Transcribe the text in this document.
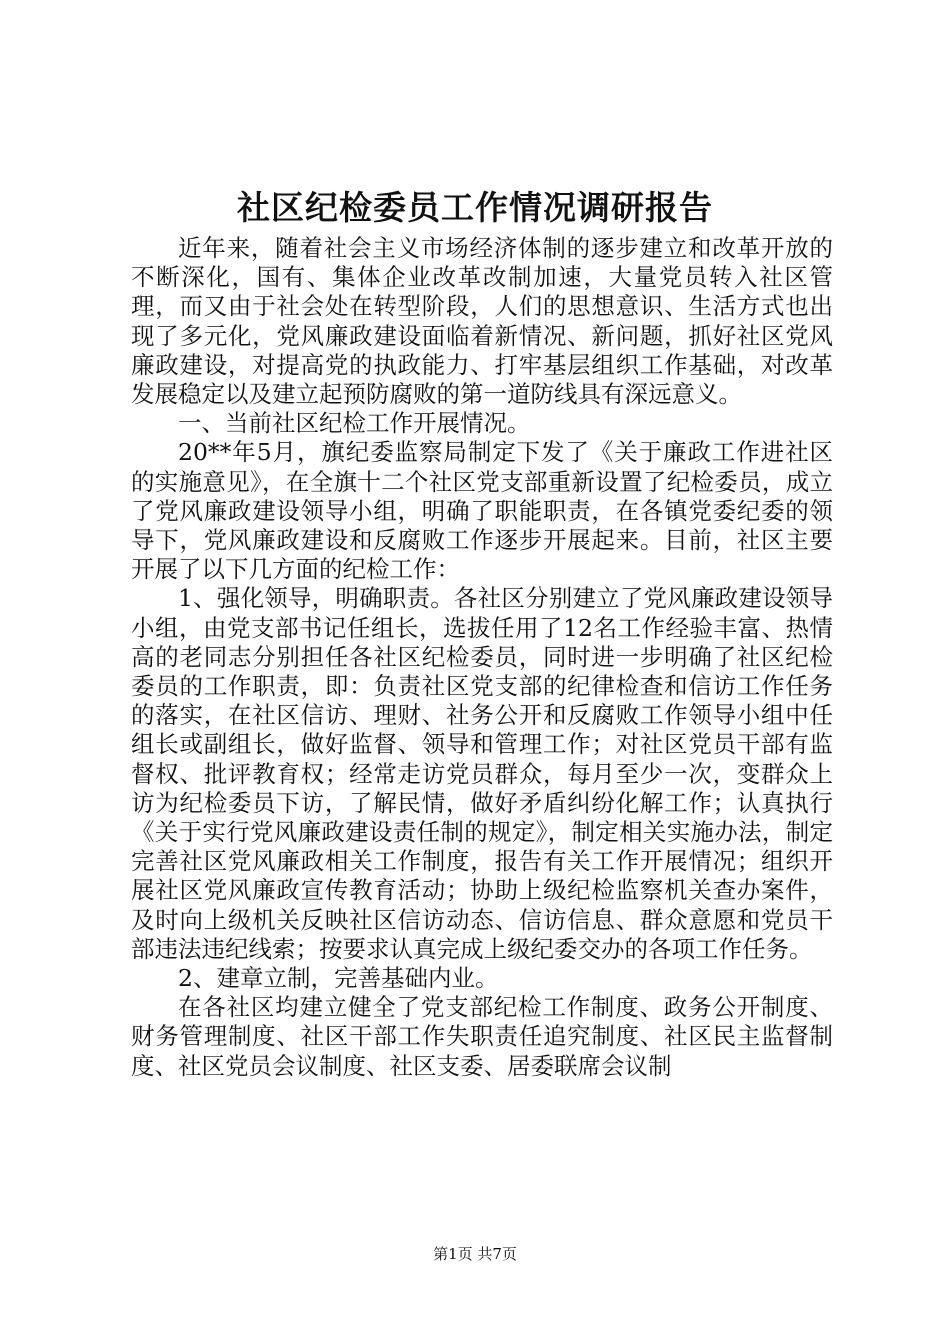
社区纪检委员工作情况调研报告

近年来，随着社会主义市场经济体制的逐步建立和改革开放的不断深化，国有、集体企业改革改制加速，大量党员转入社区管理，而又由于社会处在转型阶段，人们的思想意识、生活方式也出现了多元化，党风廉政建设面临着新情况、新问题，抓好社区党风廉政建设，对提高党的执政能力、打牢基层组织工作基础，对改革发展稳定以及建立起预防腐败的第一道防线具有深远意义。

一、当前社区纪检工作开展情况。

20**年5月，旗纪委监察局制定下发了《关于廉政工作进社区的实施意见》，在全旗十二个社区党支部重新设置了纪检委员，成立了党风廉政建设领导小组，明确了职能职责，在各镇党委纪委的领导下，党风廉政建设和反腐败工作逐步开展起来。目前，社区主要开展了以下几方面的纪检工作：

1、强化领导，明确职责。各社区分别建立了党风廉政建设领导小组，由党支部书记任组长，选拔任用了12名工作经验丰富、热情高的老同志分别担任各社区纪检委员，同时进一步明确了社区纪检委员的工作职责，即：负责社区党支部的纪律检查和信访工作任务的落实，在社区信访、理财、社务公开和反腐败工作领导小组中任组长或副组长，做好监督、领导和管理工作；对社区党员干部有监督权、批评教育权；经常走访党员群众，每月至少一次，变群众上访为纪检委员下访，了解民情，做好矛盾纠纷化解工作；认真执行《关于实行党风廉政建设责任制的规定》，制定相关实施办法，制定完善社区党风廉政相关工作制度，报告有关工作开展情况；组织开展社区党风廉政宣传教育活动；协助上级纪检监察机关查办案件，及时向上级机关反映社区信访动态、信访信息、群众意愿和党员干部违法违纪线索；按要求认真完成上级纪委交办的各项工作任务。

2、建章立制，完善基础内业。

在各社区均建立健全了党支部纪检工作制度、政务公开制度、财务管理制度、社区干部工作失职责任追究制度、社区民主监督制度、社区党员会议制度、社区支委、居委联席会议制

第1页 共7页
